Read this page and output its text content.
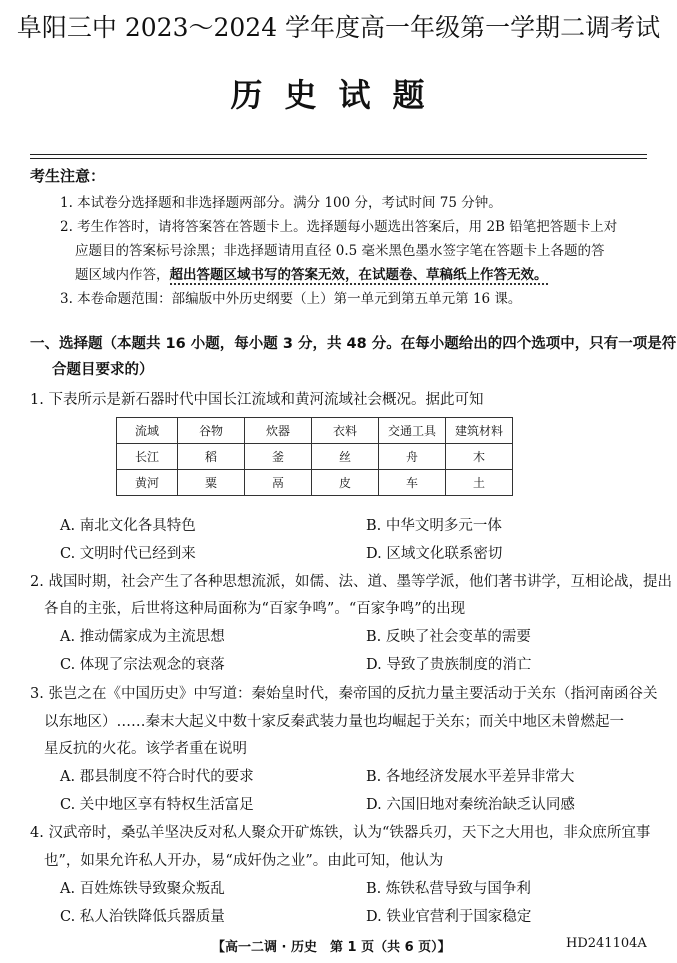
阜阳三中 2023～2024 学年度高一年级第一学期二调考试
历史试题
考生注意：
1. 本试卷分选择题和非选择题两部分。满分 100 分，考试时间 75 分钟。
2. 考生作答时，请将答案答在答题卡上。选择题每小题选出答案后，用 2B 铅笔把答题卡上对
应题目的答案标号涂黑；非选择题请用直径 0.5 毫米黑色墨水签字笔在答题卡上各题的答
题区域内作答，超出答题区域书写的答案无效，在试题卷、草稿纸上作答无效。
3. 本卷命题范围：部编版中外历史纲要（上）第一单元到第五单元第 16 课。
一、选择题（本题共 16 小题，每小题 3 分，共 48 分。在每小题给出的四个选项中，只有一项是符
合题目要求的）
1. 下表所示是新石器时代中国长江流域和黄河流域社会概况。据此可知
流域	谷物	炊器	衣料	交通工具	建筑材料
长江	稻	釜	丝	舟	木
黄河	粟	鬲	皮	车	土
A. 南北文化各具特色	B. 中华文明多元一体
C. 文明时代已经到来	D. 区域文化联系密切
2. 战国时期，社会产生了各种思想流派，如儒、法、道、墨等学派，他们著书讲学，互相论战，提出
各自的主张，后世将这种局面称为“百家争鸣”。“百家争鸣”的出现
A. 推动儒家成为主流思想	B. 反映了社会变革的需要
C. 体现了宗法观念的衰落	D. 导致了贵族制度的消亡
3. 张岂之在《中国历史》中写道：秦始皇时代，秦帝国的反抗力量主要活动于关东（指河南函谷关
以东地区）……秦末大起义中数十家反秦武装力量也均崛起于关东；而关中地区未曾燃起一
星反抗的火花。该学者重在说明
A. 郡县制度不符合时代的要求	B. 各地经济发展水平差异非常大
C. 关中地区享有特权生活富足	D. 六国旧地对秦统治缺乏认同感
4. 汉武帝时，桑弘羊坚决反对私人聚众开矿炼铁，认为“铁器兵刃，天下之大用也，非众庶所宜事
也”，如果允许私人开办，易“成奸伪之业”。由此可知，他认为
A. 百姓炼铁导致聚众叛乱	B. 炼铁私营导致与国争利
C. 私人治铁降低兵器质量	D. 铁业官营利于国家稳定
【高一二调 · 历史　第 1 页（共 6 页）】	HD241104A
